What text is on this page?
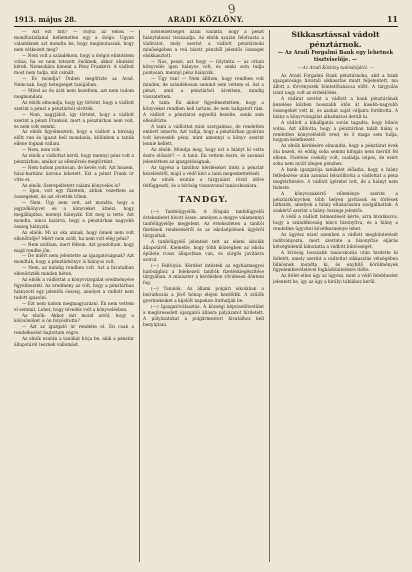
9
1913. május 28.	ARADI KÖZLÖNY.	11

— Azt ezt hitt? — folyta az elnök — mondhatatlanul kellemetlen egy a dolgo. Ugyan valamiknek azt mondta be, hogy megmutassak, hogy nem vétkezett meg?

— Nem volt a szándékom, hogy a dolgot elintéztem volna; ha ez nem tetszett önöknek, akkor elnézést kérek. Nemsokára kiment a Pénz Frankért. A vádlott most nem tudja, mit csinált.

— És mondja? Önben megőrizte az Arad. Nemcsak, hogy betegséget tanújában.

— Mivel az ön árát nem kezeltem, azt nem tudom megmondani.

Az elnök elmondja, hogy így történt, hogy a vádlott szerint a pénzt a pénztárból elvitték.

— Nem, nagyjából, így történt, hogy a vádlott szerint a pénzt Frankok, mert a pénztárban nem volt, és nem volt semmi.

Az elnök figyelmezteti, hogy a vádlott a bíróság előtt van és igazat kell mondania, különben a tanúk ellene fognak vallani.

— Nem, nem volt.

Az elnök a vádlottat kérdi, hogy mennyi pénz volt a pénztárban, amikor az ellenőrzés megtörtént.

— Nem tudom pontosan, de kevés volt. Azt hiszem, húsz-harminc korona lehetett. Ezt a pénzt Frank úr vitte el.

Az elnök: Szerepeltetett valami könyvelés is?

— Igen, volt egy füzetem, abban vezettem az összegeket, de azt elvették tőlem.

— Nem. Úgy nem vett, azt mondta, hogy a jegyzőkönyvet és a könyveket átnézi, hogy megállapítsa, mennyi hiányzik. Ezt meg is tette. Azt mondta, nincs kizárva, hogy a pénztárban nagyobb összeg hiányzik.

Az elnök: Mi az oka annak, hogy önnek nem volt ellenőrzője? Miért nem szólt, ha nem volt elég pénz?

— Nem szóltam, mert féltem. Azt gondoltam, hogy majd rendbe jön.

— De miért nem jelentette az igazgatóságnak? Azt mondták, hogy a pénztárkönyv is hiányos volt.

— Nem, az mindig rendben volt. Azt a hivatalban ellenőrizték minden héten.

Az elnök a vádlottat a könyvvizsgálat eredményére figyelmezteti. Az eredmény az volt, hogy a pénztárban hiányzott egy jelentős összeg, amelyet a vádlott nem tudott igazolni.

— Ezt nem tudom megmagyarázni. Én nem vettem el semmit. Lehet, hogy tévedés volt a könyvelésben.

Az elnök: Akkor mit mond arról, hogy a kölcsönöket is ön folyósította?

— Azt az igazgató úr rendelte el. Én csak a rendelkezést hajtottam végre.

Az elnök ezután a tanúkat hívja be, akik a pénztár állapotáról tesznek vallomást.

kötelezettségét azzal vállalta, hogy a pénzt hiánytalanul visszaadja. Az elnök azután felolvasta a vádiratot, mely szerint a vádlott pénztárnoki minőségében a reá bízott pénzből jelentős összeget elsikkasztott.

— Nos, pesze, azt hogy — folytatta — az ottani könyvelés igen hiányos volt, és senki sem tudja pontosan, mennyi pénz hiányzik.

— Úgy van! — Nem állítom, hogy rendben volt minden, de szándékosan semmit sem vettem el. Azt a pénzt, amit a pénztárból kivettem, mindig visszatettem.

A tanú: Én akkor figyelmeztettem, hogy a könyveket rendben kell tartani, de nem hallgatott rám. A vádlott a pénztárat egyedül kezelte, senki sem ellenőrizte.

A tanú a vádlottat mint szorgalmas, de rendetlen embert ismerte. Azt vallja, hogy a pénztárban gyakran volt kevesebb pénz, mint amennyi a könyv szerint lennie kellett.

Az elnök: Mondja meg, hogy ezt a hiányt ki vette észre először? — A tanú: Én vettem észre, és azonnal jelentettem az igazgatóságnak.

Az ügyész a tanúhoz kérdéseket intéz a pénztár kezeléséről, majd a védő kéri a tanú megeskettetését.

Az elnök ezután a tárgyalást rövid időre felfüggeszti, és a bíróság visszavonul tanácskozásra.

TANDGY.

(—) Tanfelügyelők. A föispán tanfelügyelői értekezletet hívott össze, amelyen a megye valamennyi tanfelügyelője megjelent. Az értekezleten a tanítói fizetések rendezéséről és az iskolaépítések ügyéről tárgyaltak.

A tanfelügyelő jelentést tett az elemi iskolák állapotáról. Kiemelte, hogy több községben az iskola épülete rossz állapotban van, és sürgős javításra szorul.

(—) Felfolyás. Kérdést intéztek az egyházmegyei hatósághoz a felekezeti tanítók fizetéskiegészítése tárgyában. A miniszter a kérdésben rövidesen dönteni fog.

(—) Tanulók. Az állami polgári iskolában a beiratkozás a jövő hónap elején kezdődik. A szülők gyermekeiket a kijelölt napokon írathatják be.

(—) Igazgatóválasztás. A községi képviselőtestület a megüresedett igazgatói állásra pályázatot hirdetett. A pályázatokat a polgármesteri hivatalhoz kell benyújtani.

Sikkasztással vádolt pénztárnok.
— Az Aradi Forgalmi Bank egy lehetnek tisztviselője. —
— Az Aradi Közlöny tudósítójától. —

Az Aradi Forgalmi Bank pénztárnoka, akit a bank igazgatósága hivatali sikkasztás miatt feljelentett, ma állott a törvényszék büntetőtanácsa előtt. A tárgyalás iránt nagy volt az érdeklődés.

A vádirat szerint a vádlott a bank pénztárának kezelése közben hosszabb időn át kisebb-nagyobb összegeket vett ki, és azokat saját céljaira fordította. A hiány a könyvvizsgálat alkalmával derült ki.

A vádlott a kihallgatás során tagadta, hogy bűnös volna. Azt állította, hogy a pénztárban talált hiány a rendetlen könyvelésből ered, és ő maga sem tudja, hogyan keletkezett.

Az elnök kérdésére elmondta, hogy a pénztárat évek óta kezeli, és eddig soha semmi kifogás nem merült fel ellene. Fizetése csekély volt, családja népes, de ezért soha nem nyúlt idegen pénzhez.

A bank igazgatója tanúként előadta, hogy a hiány felfedezése után azonnal felszólította a vádlottat a pénz megtérítésére. A vádlott ígéretet tett, de a hiányt nem fedezte.

A könyvszakértő véleménye szerint a pénztárkönyvben több helyen javítások és törlések láthatók, amelyek a hiány eltakarására szolgálhattak. A szakértő szerint a hiány összege jelentős.

A védő a vádlott felmentését kérte, arra hivatkozva, hogy a szándékosság nincs bizonyítva, és a hiány a rendetlen ügyvitel következménye lehet.

Az ügyész ezzel szemben a vádlott megbüntetését indítványozta, mert szerinte a bizonyítás eljárás kétségtelenül kimutatta a vádlott bűnösségét.

A bíróság hosszabb tanácskozás után hirdette ki ítéletét, amely szerint a vádlottat sikkasztás vétségében bűnösnek mondta ki, és enyhítő körülmények figyelembevételével fogházbüntetésre ítélte.

Az ítélet ellen úgy az ügyész, mint a védő felebbezést jelentett be, így az ügy a királyi táblához kerül.
